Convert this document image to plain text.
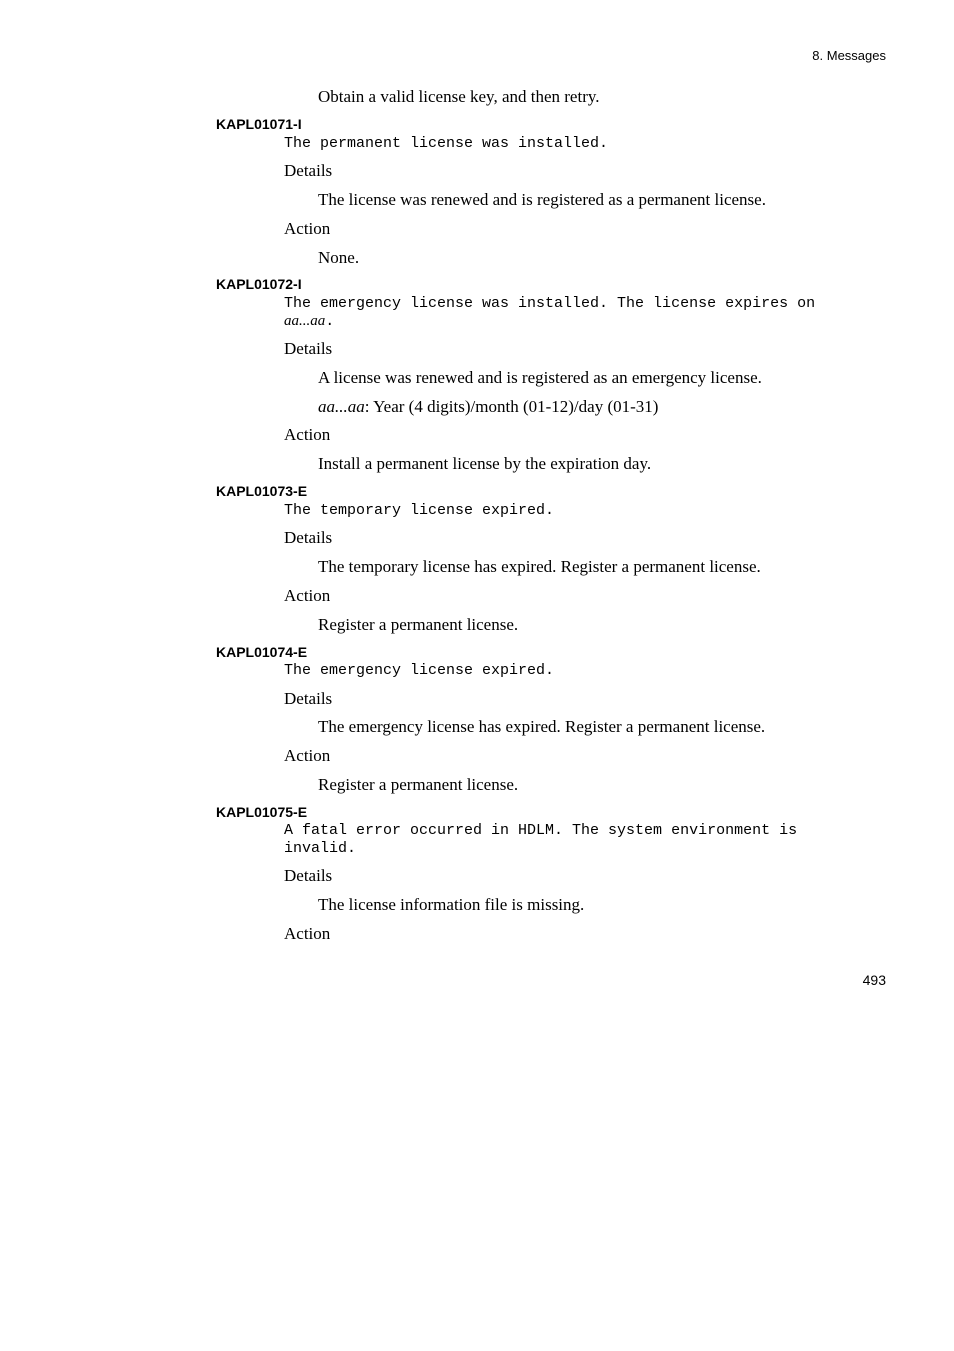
8. Messages
Obtain a valid license key, and then retry.
KAPL01071-I
The permanent license was installed.
Details
The license was renewed and is registered as a permanent license.
Action
None.
KAPL01072-I
The emergency license was installed. The license expires on
aa...aa.
Details
A license was renewed and is registered as an emergency license.
aa...aa: Year (4 digits)/month (01-12)/day (01-31)
Action
Install a permanent license by the expiration day.
KAPL01073-E
The temporary license expired.
Details
The temporary license has expired. Register a permanent license.
Action
Register a permanent license.
KAPL01074-E
The emergency license expired.
Details
The emergency license has expired. Register a permanent license.
Action
Register a permanent license.
KAPL01075-E
A fatal error occurred in HDLM. The system environment is
invalid.
Details
The license information file is missing.
Action
493
